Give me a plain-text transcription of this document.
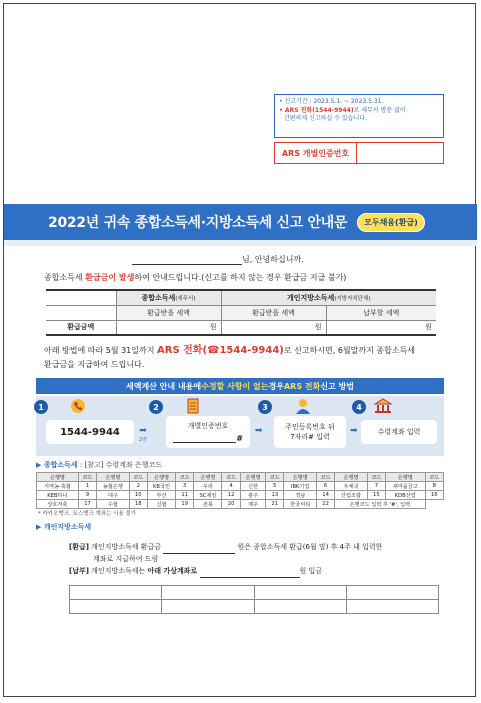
• 신고기간 : 2023.5.1. ~ 2023.5.31.
• ARS 전화(1544-9944)로 세무서 방문 없이
간편하게 신고하실 수 있습니다.
ARS 개별인증번호
2022년 귀속 종합소득세·지방소득세 신고 안내문	모두채움(환급)
님, 안녕하십니까.
종합소득세 환급금이 발생하여 안내드립니다.(신고를 하지 않는 경우 환급금 지급 불가)
	종합소득세(세무서)	개인지방소득세(지방자치단체)	
	환급받을 세액	환급받을 세액	납부할 세액
환급금액	원	원	원
아래 방법에 따라 5월 31일까지 ARS 전화(☎1544-9944)로 신고하시면, 6월말까지 종합소득세
환급금을 지급하여 드립니다.
세액계산 안내 내용에 수정할 사항이 없는 경우 ARS 전화 신고 방법
1
1544-9944	➡
2번
2
개별인증번호
#
➡
3
주민등록번호 뒤
7자리# 입력
➡
4
수령계좌 입력
▶ 종합소득세 : [참고] 수령계좌 은행코드
은행명	코드	은행명	코드	은행명	코드	은행명	코드	은행명	코드	은행명	코드	은행명	코드	은행명	코드
지역농·축협	1	농협은행	2	KB국민	3	우리	4	신한	5	IBK기업	6	우체국	7	새마을금고	8
KEB하나	9	대구	10	부산	11	SC제일	12	광주	13	경남	14	산림조합	15	KDB산업	16
상호저축	17	수협	18	신협	19	전북	20	제주	21	한국씨티	22	은행코드 입력 후 '#', 입력			
* 카카오뱅크, 토스뱅크 계좌는 사용 불가
▶ 개인지방소득세
[환급] 개인지방소득세 환급금	원은 종합소득세 환급(6월 말) 후 4주 내 입력한
계좌로 지급하여 드림
[납부] 개인지방소득세는 아래 가상계좌로	원 입금
